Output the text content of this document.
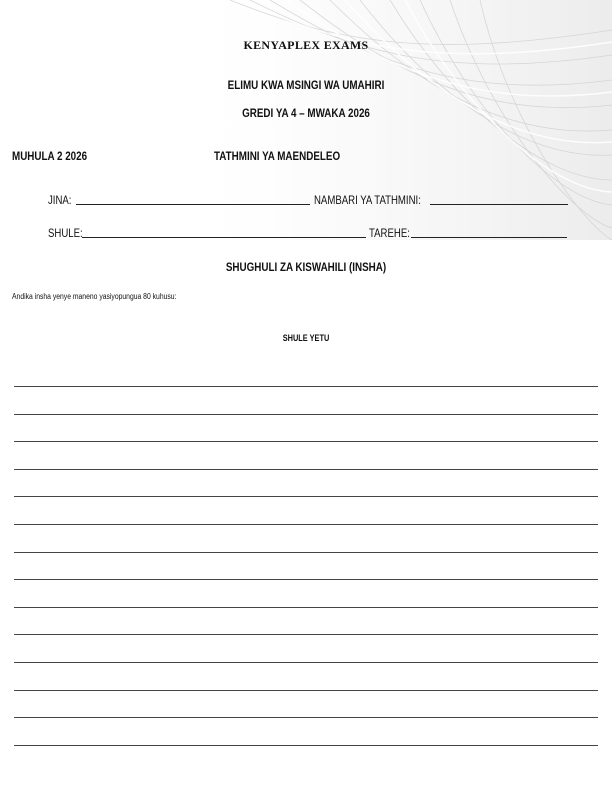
KENYAPLEX EXAMS
ELIMU KWA MSINGI WA UMAHIRI
GREDI YA 4 – MWAKA 2026
MUHULA 2 2026	TATHMINI YA MAENDELEO
JINA:	NAMBARI YA TATHMINI:
SHULE:	TAREHE:
SHUGHULI ZA KISWAHILI (INSHA)
Andika insha yenye maneno yasiyopungua 80 kuhusu:
SHULE YETU
